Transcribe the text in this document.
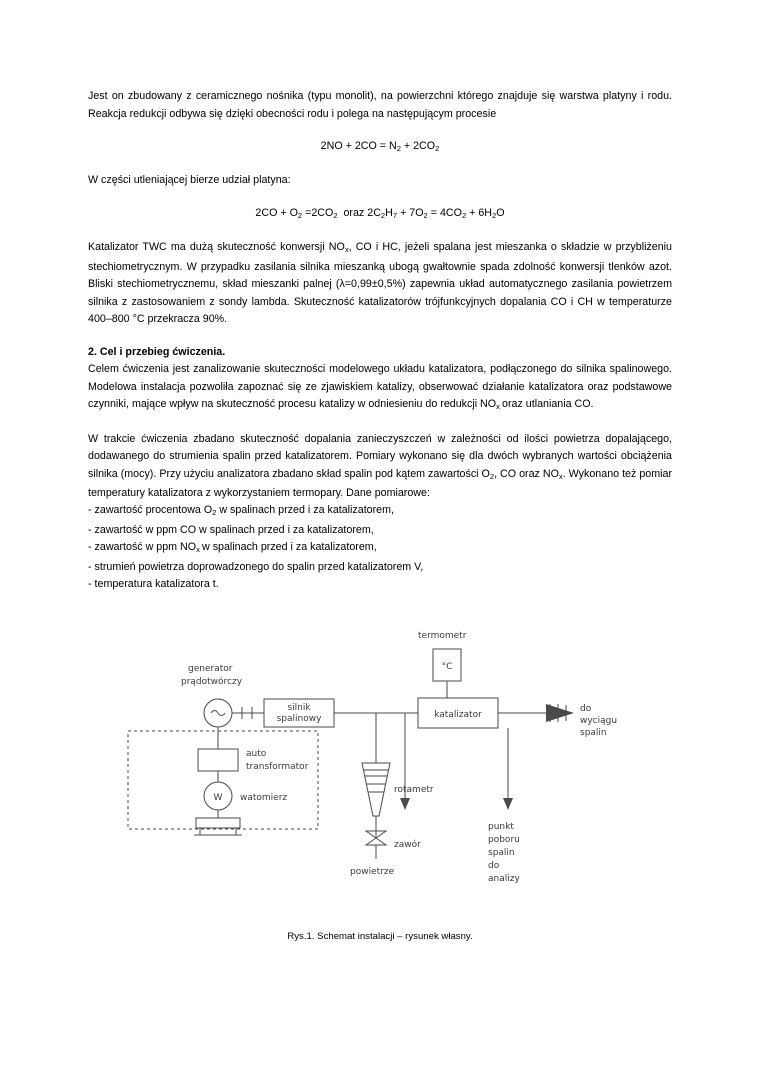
Jest on zbudowany z ceramicznego nośnika (typu monolit), na powierzchni którego znajduje się warstwa platyny i rodu. Reakcja redukcji odbywa się dzięki obecności rodu i polega na następującym procesie

$2NO + 2CO = N_2 + 2CO_2$

W części utleniającej bierze udział platyna:

$2CO + O_2 =2CO_2$  oraz $2C_2H_7 + 7O_2 = 4CO_2 + 6H_2O$

Katalizator TWC ma dużą skuteczność konwersji $NO_x$, CO i HC, jeżeli spalana jest mieszanka o składzie w przybliżeniu stechiometrycznym. W przypadku zasilania silnika mieszanką ubogą gwałtownie spada zdolność konwersji tlenków azot. Bliski stechiometrycznemu, skład mieszanki palnej (λ=0,99±0,5%) zapewnia układ automatycznego zasilania powietrzem silnika z zastosowaniem z sondy lambda. Skuteczność katalizatorów trójfunkcyjnych dopalania CO i CH w temperaturze 400–800 °C przekracza 90%.

2. Cel i przebieg ćwiczenia.

Celem ćwiczenia jest zanalizowanie skuteczności modelowego układu katalizatora, podłączonego do silnika spalinowego. Modelowa instalacja pozwoliła zapoznać się ze zjawiskiem katalizy, obserwować działanie katalizatora oraz podstawowe czynniki, mające wpływ na skuteczność procesu katalizy w odniesieniu do redukcji $NO_x$ oraz utlaniania CO.

W trakcie ćwiczenia zbadano skuteczność dopalania zanieczyszczeń w zależności od ilości powietrza dopalającego, dodawanego do strumienia spalin przed katalizatorem. Pomiary wykonano się dla dwóch wybranych wartości obciążenia silnika (mocy). Przy użyciu analizatora zbadano skład spalin pod kątem zawartości $O_2$, CO oraz $NO_x$. Wykonano też pomiar temperatury katalizatora z wykorzystaniem termopary. Dane pomiarowe:

- zawartość procentowa $O_2$ w spalinach przed i za katalizatorem,
- zawartość w ppm CO w spalinach przed i za katalizatorem,
- zawartość w ppm $NO_x$ w spalinach przed i za katalizatorem,
- strumień powietrza doprowadzonego do spalin przed katalizatorem V,
- temperatura katalizatora t.
°C
termometr
generator
prądotwórczy
silnik
spalinowy	katalizator
do
wyciągu
spalin
auto
transformator
W watomierz
rotametr
zawór
powietrze
punkt
poboru
spalin
do
analizy
Rys.1. Schemat instalacji – rysunek własny.
